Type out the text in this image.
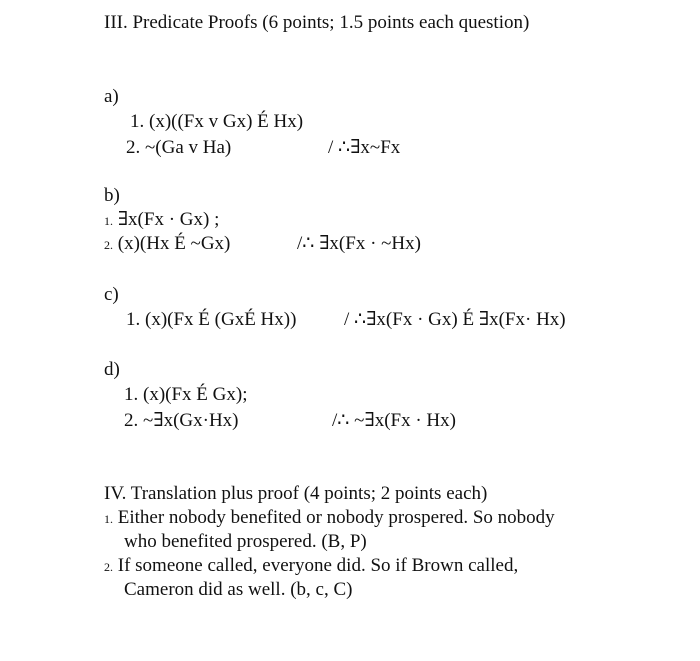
III. Predicate Proofs (6 points; 1.5 points each question)
a)
1. (x)((Fx v Gx) É Hx)
2. ~(Ga v Ha)	/ ∴∃x~Fx
b)
1. ∃x(Fx · Gx) ;
2. (x)(Hx É ~Gx)	/∴ ∃x(Fx · ~Hx)
c)
1. (x)(Fx É (GxÉ Hx))	/ ∴∃x(Fx · Gx) É ∃x(Fx· Hx)
d)
1. (x)(Fx É Gx);
2. ~∃x(Gx·Hx)	/∴ ~∃x(Fx · Hx)
IV. Translation plus proof (4 points; 2 points each)
1. Either nobody benefited or nobody prospered. So nobody
who benefited prospered. (B, P)
2. If someone called, everyone did. So if Brown called,
Cameron did as well. (b, c, C)
